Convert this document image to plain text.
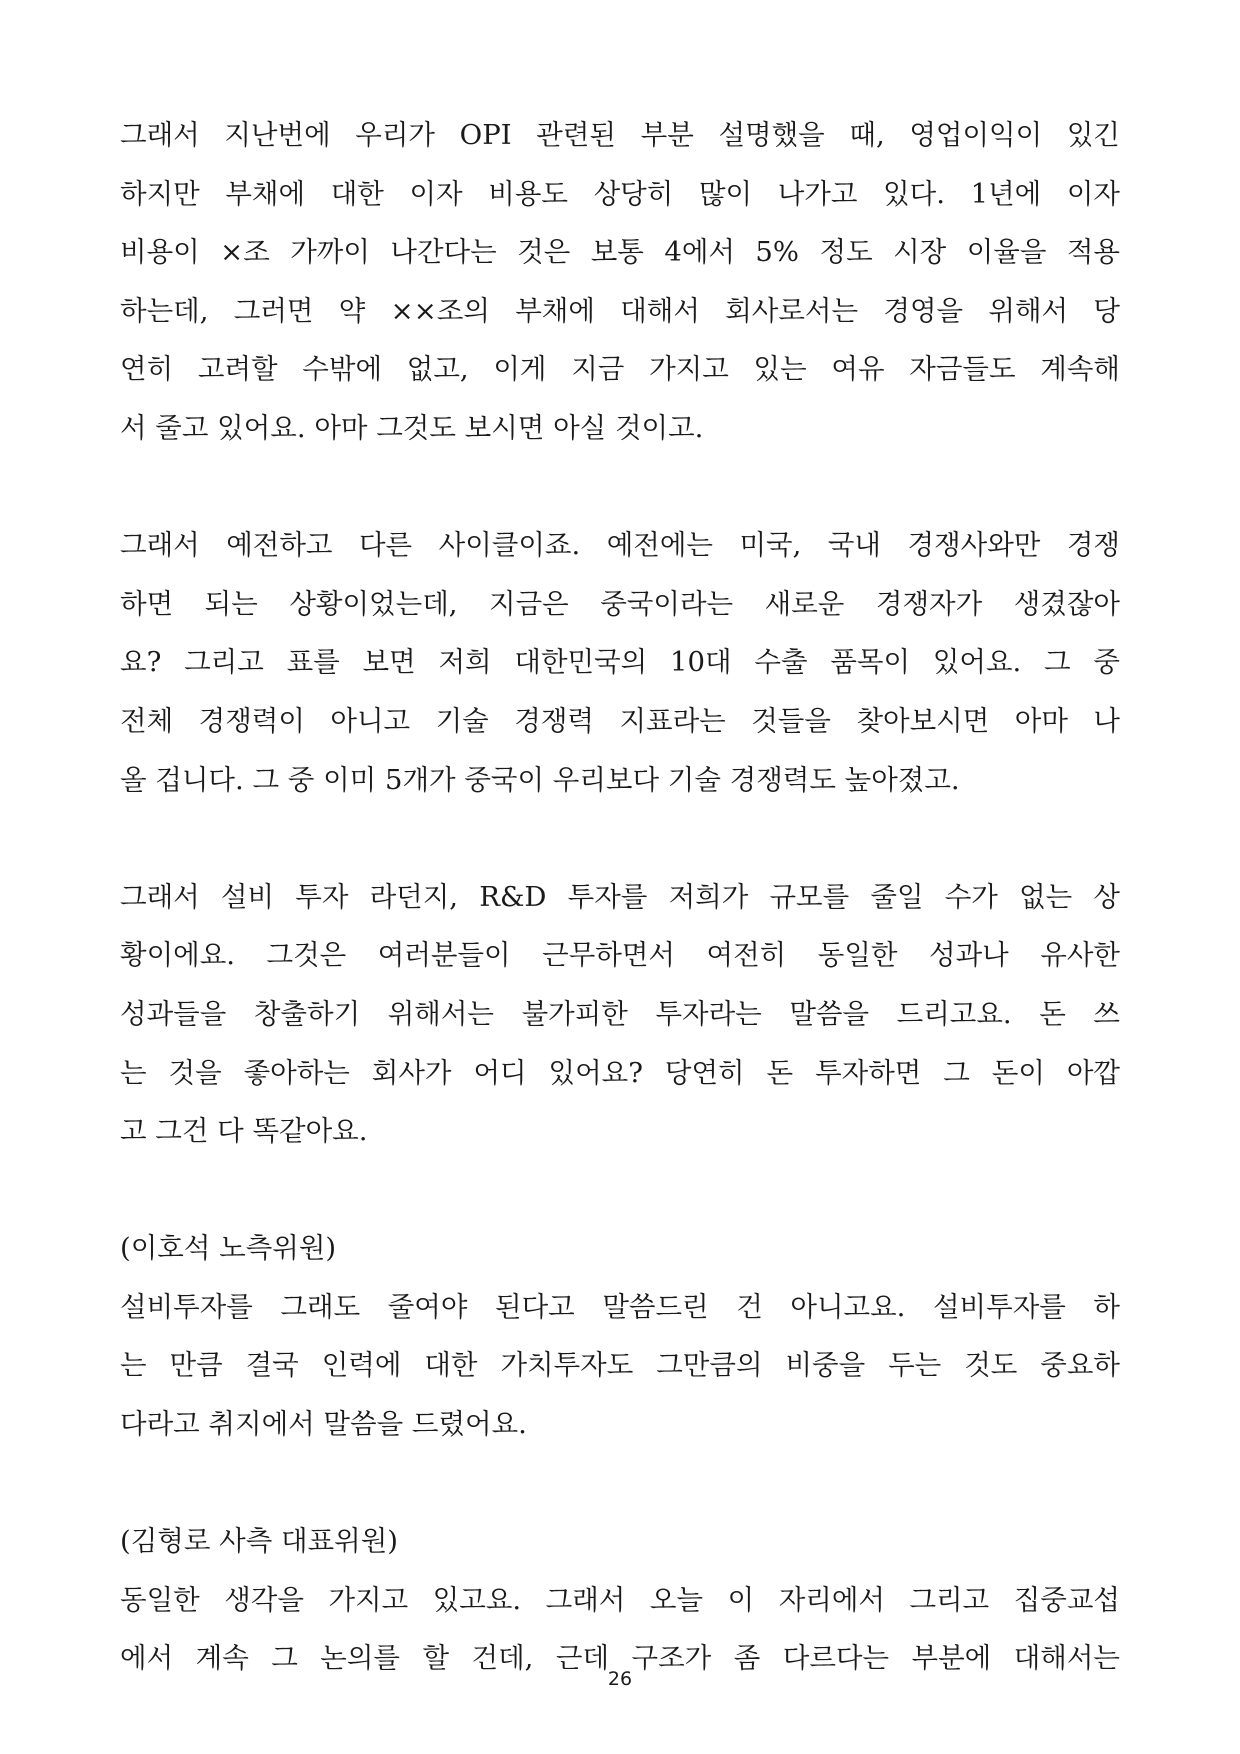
그래서 지난번에 우리가 OPI 관련된 부분 설명했을 때, 영업이익이 있긴
하지만 부채에 대한 이자 비용도 상당히 많이 나가고 있다. 1년에 이자
비용이 ×조 가까이 나간다는 것은 보통 4에서 5% 정도 시장 이율을 적용
하는데, 그러면 약 ××조의 부채에 대해서 회사로서는 경영을 위해서 당
연히 고려할 수밖에 없고, 이게 지금 가지고 있는 여유 자금들도 계속해
서 줄고 있어요. 아마 그것도 보시면 아실 것이고.
그래서 예전하고 다른 사이클이죠. 예전에는 미국, 국내 경쟁사와만 경쟁
하면 되는 상황이었는데, 지금은 중국이라는 새로운 경쟁자가 생겼잖아
요? 그리고 표를 보면 저희 대한민국의 10대 수출 품목이 있어요. 그 중
전체 경쟁력이 아니고 기술 경쟁력 지표라는 것들을 찾아보시면 아마 나
올 겁니다. 그 중 이미 5개가 중국이 우리보다 기술 경쟁력도 높아졌고.
그래서 설비 투자 라던지, R&D 투자를 저희가 규모를 줄일 수가 없는 상
황이에요. 그것은 여러분들이 근무하면서 여전히 동일한 성과나 유사한
성과들을 창출하기 위해서는 불가피한 투자라는 말씀을 드리고요. 돈 쓰
는 것을 좋아하는 회사가 어디 있어요? 당연히 돈 투자하면 그 돈이 아깝
고 그건 다 똑같아요.
(이호석 노측위원)
설비투자를 그래도 줄여야 된다고 말씀드린 건 아니고요. 설비투자를 하
는 만큼 결국 인력에 대한 가치투자도 그만큼의 비중을 두는 것도 중요하
다라고 취지에서 말씀을 드렸어요.
(김형로 사측 대표위원)
동일한 생각을 가지고 있고요. 그래서 오늘 이 자리에서 그리고 집중교섭
에서 계속 그 논의를 할 건데, 근데 구조가 좀 다르다는 부분에 대해서는
26
